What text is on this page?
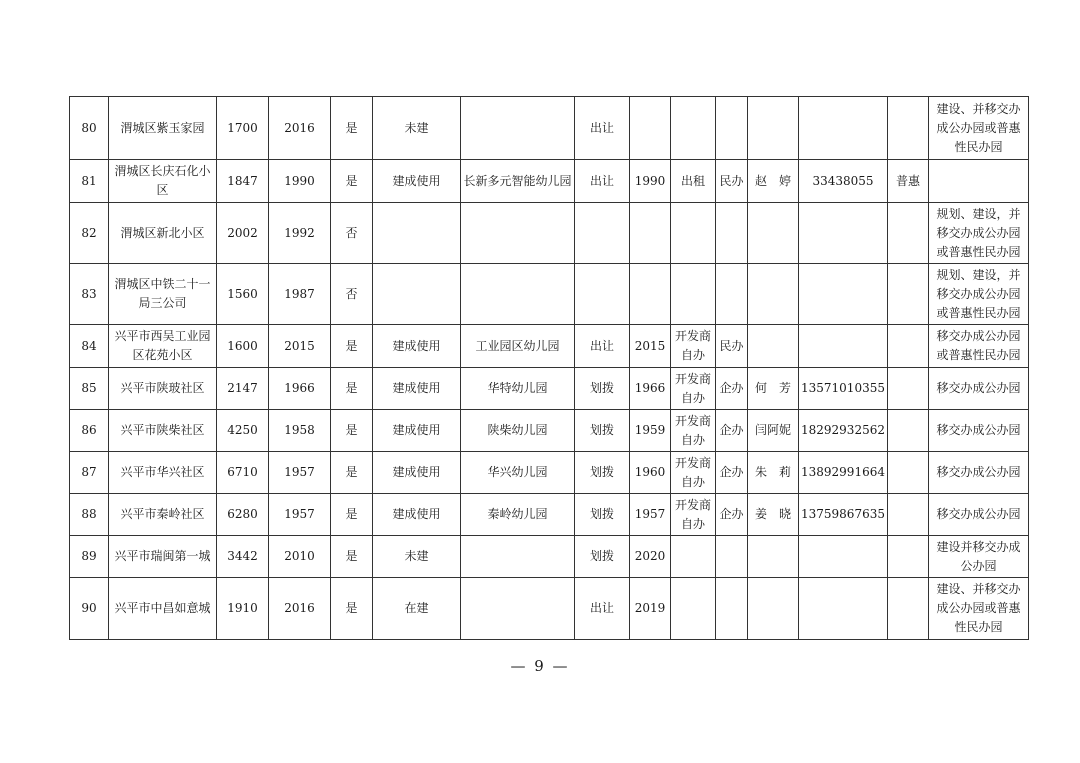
80	渭城区紫玉家园	1700	2016	是	未建		出让							建设、并移交办成公办园或普惠性民办园
81	渭城区长庆石化小区	1847	1990	是	建成使用	长新多元智能幼儿园	出让	1990	出租	民办	赵　婷	33438055	普惠	
82	渭城区新北小区	2002	1992	否										规划、建设，并移交办成公办园或普惠性民办园
83	渭城区中铁二十一局三公司	1560	1987	否										规划、建设，并移交办成公办园或普惠性民办园
84	兴平市西吴工业园区花苑小区	1600	2015	是	建成使用	工业园区幼儿园	出让	2015	开发商自办	民办				移交办成公办园或普惠性民办园
85	兴平市陕玻社区	2147	1966	是	建成使用	华特幼儿园	划拨	1966	开发商自办	企办	何　芳	13571010355		移交办成公办园
86	兴平市陕柴社区	4250	1958	是	建成使用	陕柴幼儿园	划拨	1959	开发商自办	企办	闫阿妮	18292932562		移交办成公办园
87	兴平市华兴社区	6710	1957	是	建成使用	华兴幼儿园	划拨	1960	开发商自办	企办	朱　莉	13892991664		移交办成公办园
88	兴平市秦岭社区	6280	1957	是	建成使用	秦岭幼儿园	划拨	1957	开发商自办	企办	姜　晓	13759867635		移交办成公办园
89	兴平市瑞闽第一城	3442	2010	是	未建		划拨	2020						建设并移交办成公办园
90	兴平市中昌如意城	1910	2016	是	在建		出让	2019						建设、并移交办成公办园或普惠性民办园
— 9 —
